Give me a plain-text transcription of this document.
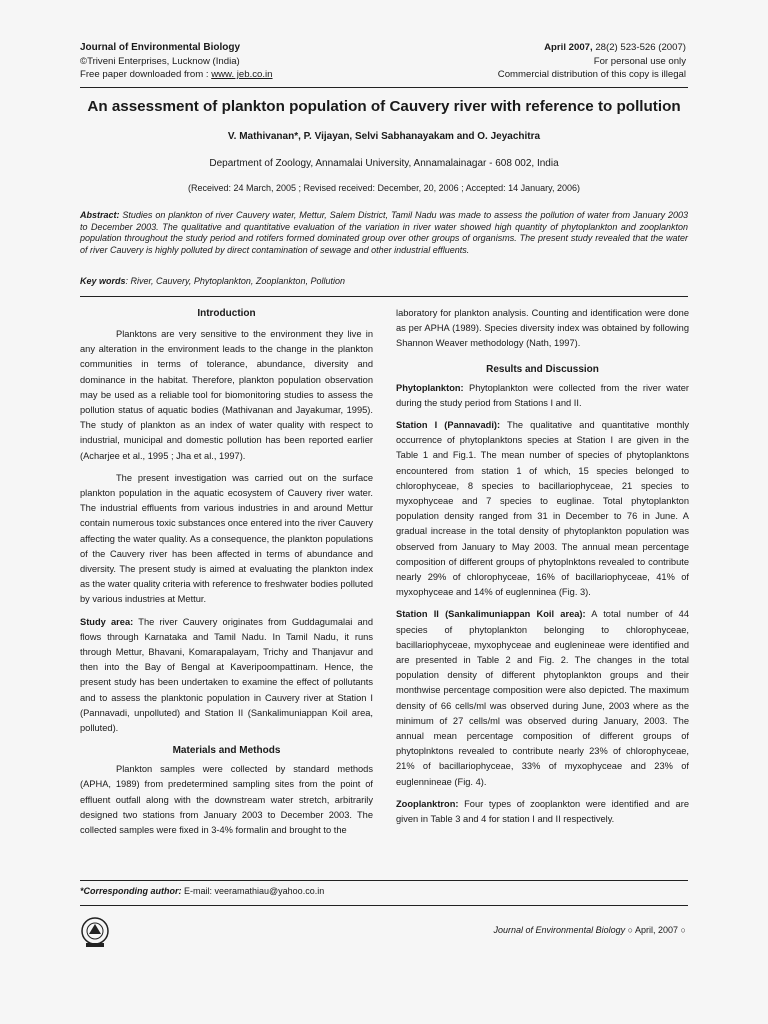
Journal of Environmental Biology
©Triveni Enterprises, Lucknow (India)
Free paper downloaded from : www. jeb.co.in
April 2007, 28(2) 523-526 (2007)
For personal use only
Commercial distribution of this copy is illegal
An assessment of plankton population of Cauvery river with reference to pollution
V. Mathivanan*, P. Vijayan, Selvi Sabhanayakam and O. Jeyachitra
Department of Zoology, Annamalai University, Annamalainagar - 608 002, India
(Received: 24 March, 2005 ; Revised received: December, 20, 2006 ; Accepted: 14 January, 2006)
Abstract: Studies on plankton of river Cauvery water, Mettur, Salem District, Tamil Nadu was made to assess the pollution of water from January 2003 to December 2003. The qualitative and quantitative evaluation of the variation in river water showed high quantity of phytoplankton and zooplankton population throughout the study period and rotifers formed dominated group over other groups of organisms. The present study revealed that the water of river Cauvery is highly polluted by direct contamination of sewage and other industrial effluents.
Key words: River, Cauvery, Phytoplankton, Zooplankton, Pollution
Introduction

Planktons are very sensitive to the environment they live in any alteration in the environment leads to the change in the plankton communities in terms of tolerance, abundance, diversity and dominance in the habitat. Therefore, plankton population observation may be used as a reliable tool for biomonitoring studies to assess the pollution status of aquatic bodies (Mathivanan and Jayakumar, 1995). The study of plankton as an index of water quality with respect to industrial, municipal and domestic pollution has been reported earlier (Acharjee et al., 1995 ; Jha et al., 1997).

The present investigation was carried out on the surface plankton population in the aquatic ecosystem of Cauvery river water. The industrial effluents from various industries in and around Mettur contain numerous toxic substances once entered into the river Cauvery affecting the water quality. As a consequence, the plankton populations of the Cauvery river has been affected in terms of abundance and diversity. The present study is aimed at evaluating the plankton index as the water quality criteria with reference to freshwater bodies polluted by various industries at Mettur.

Study area: The river Cauvery originates from Guddagumalai and flows through Karnataka and Tamil Nadu. In Tamil Nadu, it runs through Mettur, Bhavani, Komarapalayam, Trichy and Thanjavur and then into the Bay of Bengal at Kaveripoompattinam. Hence, the present study has been undertaken to examine the effect of pollutants and to assess the planktonic population in Cauvery river at Station I (Pannavadi, unpolluted) and Station II (Sankalimuniappan Koil area, polluted).

Materials and Methods

Plankton samples were collected by standard methods (APHA, 1989) from predetermined sampling sites from the point of effluent outfall along with the downstream water stretch, arbitrarily designed two stations from January 2003 to December 2003. The collected samples were fixed in 3-4% formalin and brought to the

laboratory for plankton analysis. Counting and identification were done as per APHA (1989). Species diversity index was obtained by following Shannon Weaver methodology (Nath, 1997).

Results and Discussion

Phytoplankton: Phytoplankton were collected from the river water during the study period from Stations I and II.

Station I (Pannavadi): The qualitative and quantitative monthly occurrence of phytoplanktons species at Station I are given in the Table 1 and Fig.1. The mean number of species of phytoplanktons encountered from station 1 of which, 15 species belonged to chlorophyceae, 8 species to bacillariophyceae, 21 species to myxophyceae and 7 species to euglinae. Total phytoplankton population density ranged from 31 in December to 76 in June. A gradual increase in the total density of phytoplankton population was observed from January to May 2003. The annual mean percentage composition of different groups of phytoplnktons revealed to contribute nearly 29% of chlorophyceae, 16% of bacillariophyceae, 41% of myxophyceae and 14% of euglenninea (Fig. 3).

Station II (Sankalimuniappan Koil area): A total number of 44 species of phytoplankton belonging to chlorophyceae, bacillariophyceae, myxophyceae and euglenineae were identified and are presented in Table 2 and Fig. 2. The changes in the total population density of different phytoplankton groups and their monthwise percentage composition were also depicted. The maximum density of 66 cells/ml was observed during June, 2003 where as the minimum of 27 cells/ml was observed during January, 2003. The annual mean percentage composition of different groups of phytoplnktons revealed to contribute nearly 23% of chlorophyceae, 21% of bacillariophyceae, 33% of myxophyceae and 23% of euglennineae (Fig. 4).

Zooplanktron: Four types of zooplankton were identified and are given in Table 3 and 4 for station I and II respectively.

*Corresponding author: E-mail: veeramathiau@yahoo.co.in
Journal of Environmental Biology ○ April, 2007 ○
